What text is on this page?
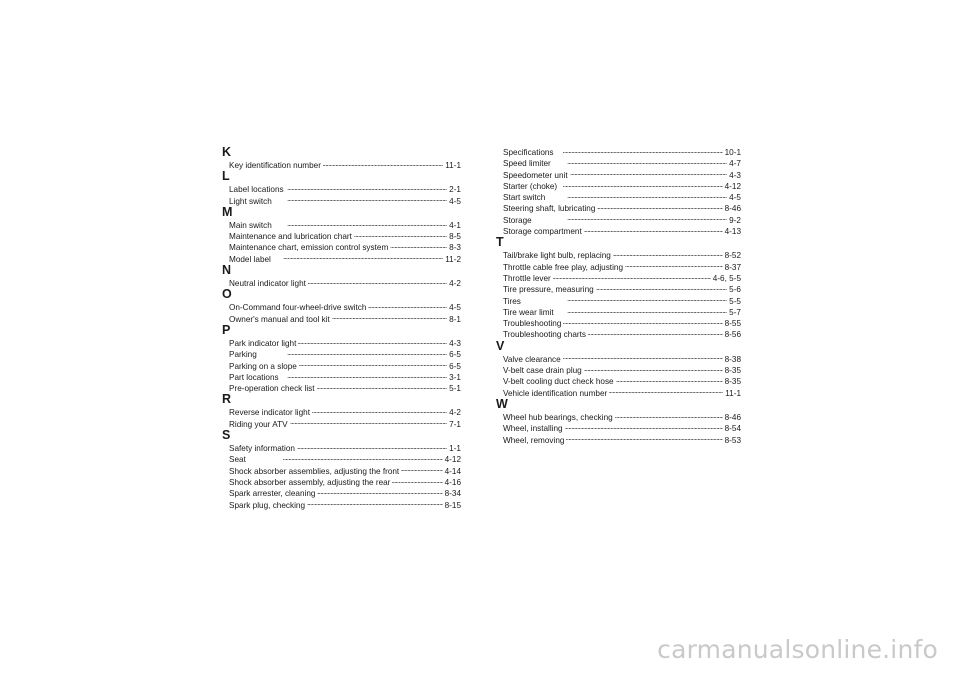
K
Key identification number . . .	11-1
L
Label locations . . .	2-1
Light switch . . .	4-5
M
Main switch . . .	4-1
Maintenance and lubrication chart . . .	8-5
Maintenance chart, emission control system . . .	8-3
Model label . . .	11-2
N
Neutral indicator light . . .	4-2
O
On-Command four-wheel-drive switch . . .	4-5
Owner's manual and tool kit . . .	8-1
P
Park indicator light . . .	4-3
Parking . . .	6-5
Parking on a slope . . .	6-5
Part locations . . .	3-1
Pre-operation check list . . .	5-1
R
Reverse indicator light . . .	4-2
Riding your ATV . . .	7-1
S
Safety information . . .	1-1
Seat . . .	4-12
Shock absorber assemblies, adjusting the front . . .	4-14
Shock absorber assembly, adjusting the rear . . .	4-16
Spark arrester, cleaning . . .	8-34
Spark plug, checking . . .	8-15
Specifications . . .	10-1
Speed limiter . . .	4-7
Speedometer unit . . .	4-3
Starter (choke) . . .	4-12
Start switch . . .	4-5
Steering shaft, lubricating . . .	8-46
Storage . . .	9-2
Storage compartment . . .	4-13
T
Tail/brake light bulb, replacing . . .	8-52
Throttle cable free play, adjusting . . .	8-37
Throttle lever . . .	4-6, 5-5
Tire pressure, measuring . . .	5-6
Tires . . .	5-5
Tire wear limit . . .	5-7
Troubleshooting . . .	8-55
Troubleshooting charts . . .	8-56
V
Valve clearance . . .	8-38
V-belt case drain plug . . .	8-35
V-belt cooling duct check hose . . .	8-35
Vehicle identification number . . .	11-1
W
Wheel hub bearings, checking . . .	8-46
Wheel, installing . . .	8-54
Wheel, removing . . .	8-53
carmanualsonline.info
